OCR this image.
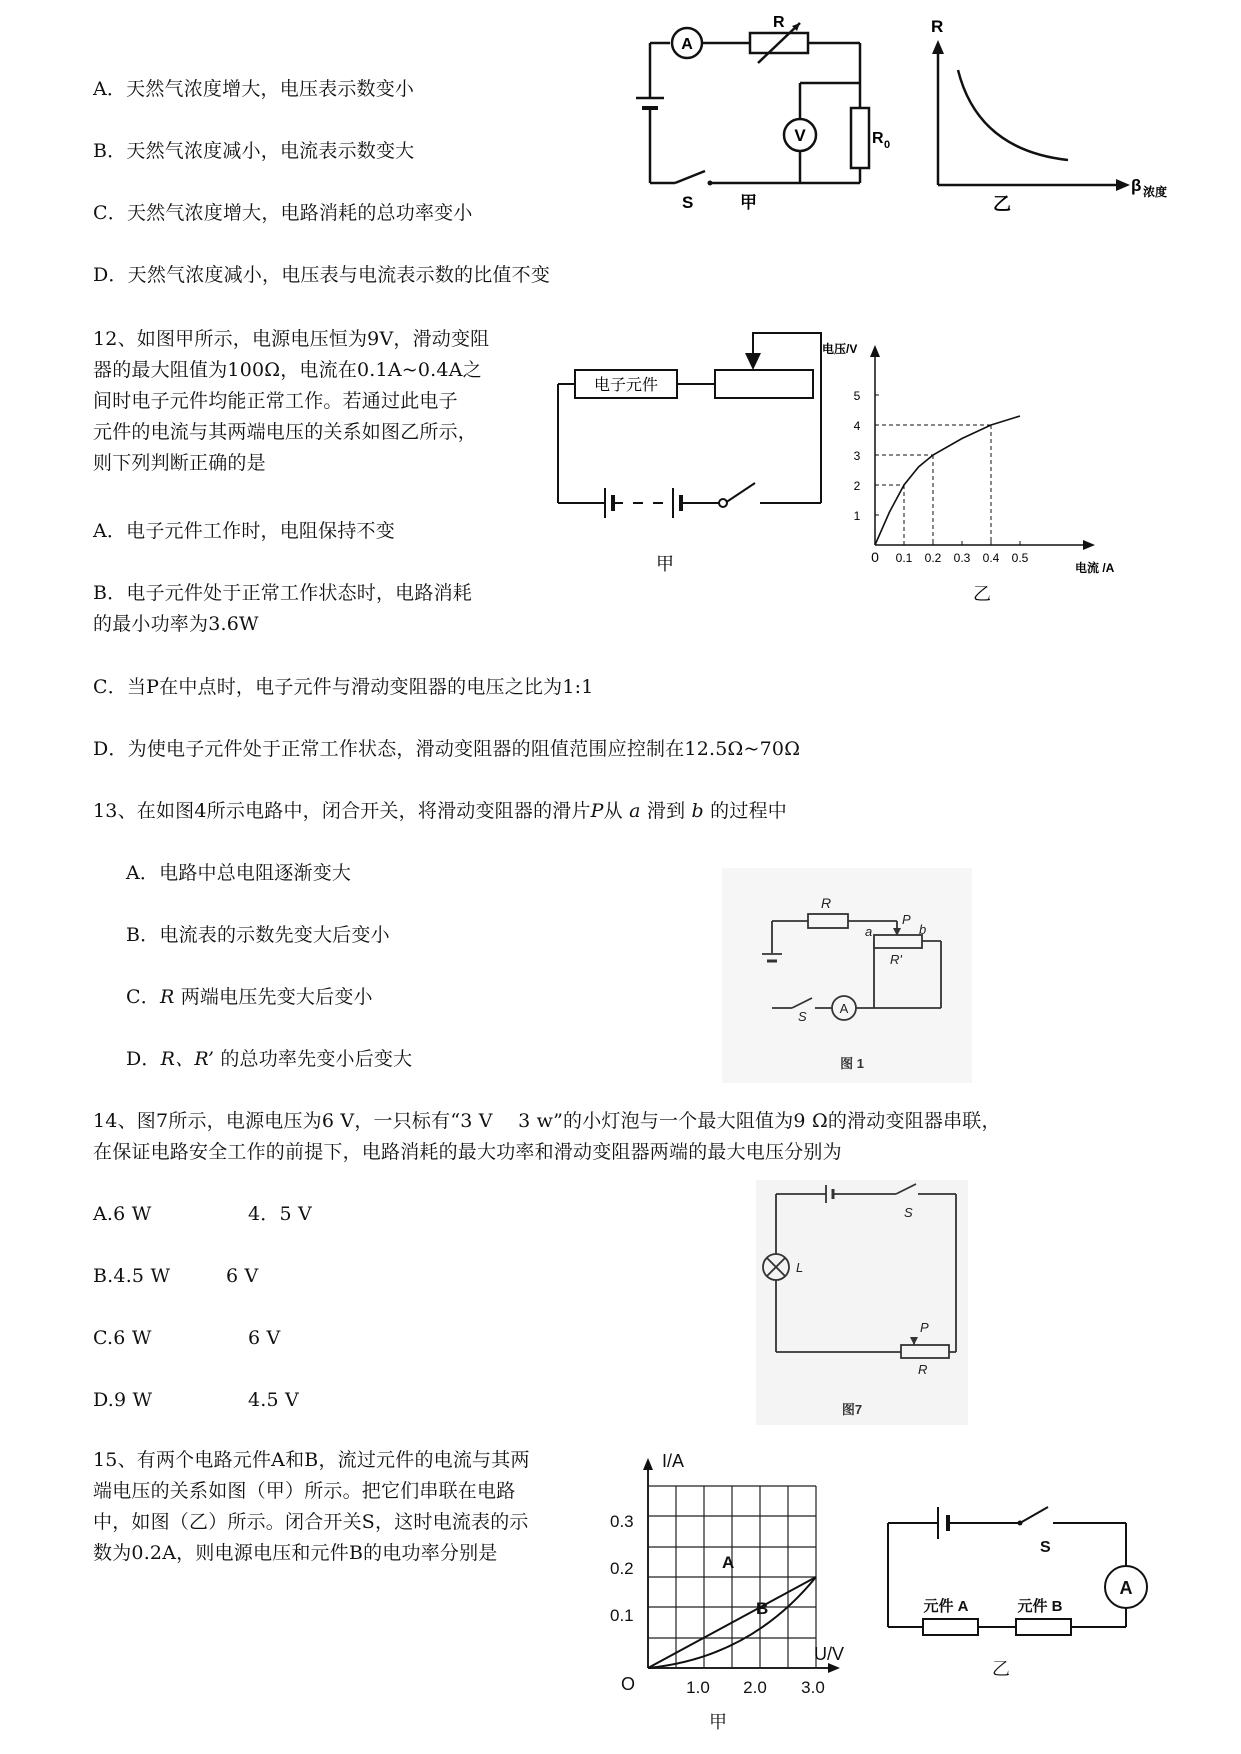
A．天然气浓度增大，电压表示数变小
B．天然气浓度减小，电流表示数变大
C．天然气浓度增大，电路消耗的总功率变小
D．天然气浓度减小，电压表与电流表示数的比值不变
A
R
V	R 0
S	甲
R
β 浓度
乙
12、如图甲所示，电源电压恒为9V，滑动变阻
器的最大阻值为100Ω，电流在0.1A~0.4A之
间时电子元件均能正常工作。若通过此电子
元件的电流与其两端电压的关系如图乙所示，
则下列判断正确的是
A．电子元件工作时，电阻保持不变
B．电子元件处于正常工作状态时，电路消耗
的最小功率为3.6W
C．当P在中点时，电子元件与滑动变阻器的电压之比为1:1
D．为使电子元件处于正常工作状态，滑动变阻器的阻值范围应控制在12.5Ω~70Ω
电子元件
甲	0.1 0.2 0.3 0.4 0.5
1
2
3
4
5
电压/V
电流 /A
0
乙
13、在如图4所示电路中，闭合开关，将滑动变阻器的滑片P从 a 滑到 b 的过程中
A．电路中总电阻逐渐变大
B．电流表的示数先变大后变小
C．R 两端电压先变大后变小
D．R、R’ 的总功率先变小后变大
R
P
a	b
R'
S
A
图 1
14、图7所示，电源电压为6 V，一只标有“3 V　 3 w”的小灯泡与一个最大阻值为9 Ω的滑动变阻器串联，
在保证电路安全工作的前提下，电路消耗的最大功率和滑动变阻器两端的最大电压分别为
A.6 W	4．5 V
B.4.5 W	6 V
C.6 W	6 V
D.9 W	4.5 V
S
L
P
R
图7
15、有两个电路元件A和B，流过元件的电流与其两
端电压的关系如图（甲）所示。把它们串联在电路
中，如图（乙）所示。闭合开关S，这时电流表的示
数为0.2A，则电源电压和元件B的电功率分别是
I/A
U/V
O
0.1
0.2
0.3
1.0 2.0 3.0
A
B
甲
S
A
元件 A	元件 B
乙
